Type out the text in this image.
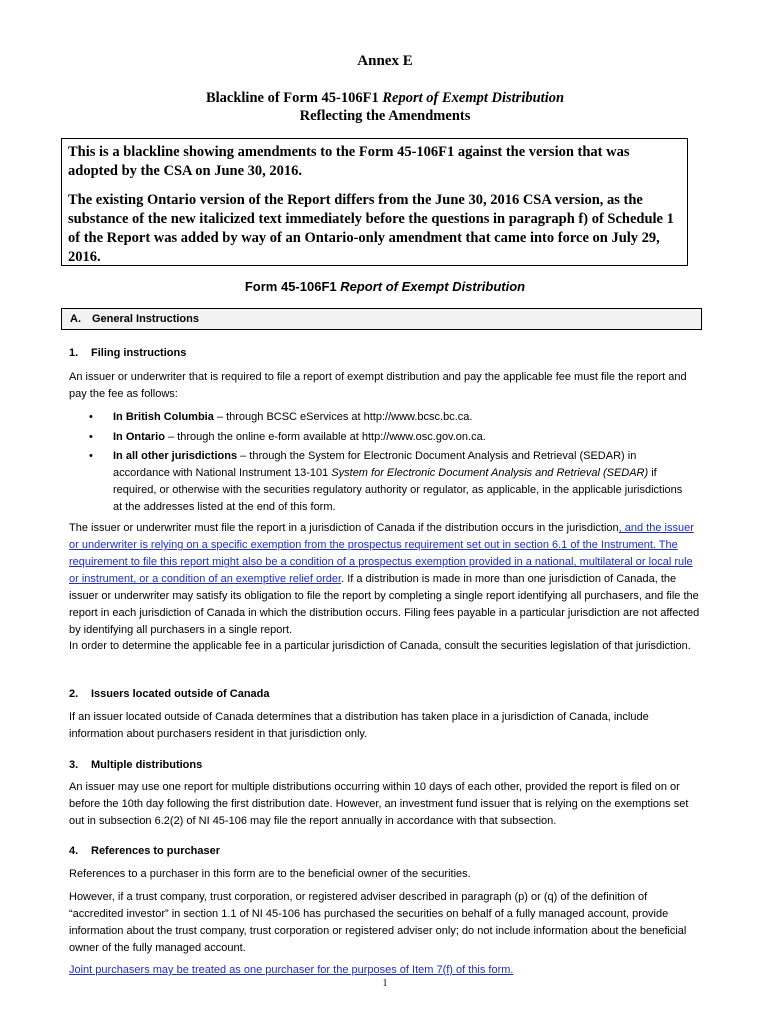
Annex E
Blackline of Form 45-106F1 Report of Exempt Distribution
Reflecting the Amendments

This is a blackline showing amendments to the Form 45-106F1 against the version that was adopted by the CSA on June 30, 2016.

The existing Ontario version of the Report differs from the June 30, 2016 CSA version, as the substance of the new italicized text immediately before the questions in paragraph f) of Schedule 1 of the Report was added by way of an Ontario-only amendment that came into force on July 29, 2016.

Form 45-106F1 Report of Exempt Distribution
A. General Instructions
1. Filing instructions
An issuer or underwriter that is required to file a report of exempt distribution and pay the applicable fee must file the report and pay the fee as follows:
• In British Columbia – through BCSC eServices at http://www.bcsc.bc.ca.
• In Ontario – through the online e-form available at http://www.osc.gov.on.ca.
• In all other jurisdictions – through the System for Electronic Document Analysis and Retrieval (SEDAR) in accordance with National Instrument 13-101 System for Electronic Document Analysis and Retrieval (SEDAR) if required, or otherwise with the securities regulatory authority or regulator, as applicable, in the applicable jurisdictions at the addresses listed at the end of this form.
The issuer or underwriter must file the report in a jurisdiction of Canada if the distribution occurs in the jurisdiction, and the issuer or underwriter is relying on a specific exemption from the prospectus requirement set out in section 6.1 of the Instrument. The requirement to file this report might also be a condition of a prospectus exemption provided in a national, multilateral or local rule or instrument, or a condition of an exemptive relief order. If a distribution is made in more than one jurisdiction of Canada, the issuer or underwriter may satisfy its obligation to file the report by completing a single report identifying all purchasers, and file the report in each jurisdiction of Canada in which the distribution occurs. Filing fees payable in a particular jurisdiction are not affected by identifying all purchasers in a single report.
In order to determine the applicable fee in a particular jurisdiction of Canada, consult the securities legislation of that jurisdiction.
2. Issuers located outside of Canada
If an issuer located outside of Canada determines that a distribution has taken place in a jurisdiction of Canada, include information about purchasers resident in that jurisdiction only.
3. Multiple distributions
An issuer may use one report for multiple distributions occurring within 10 days of each other, provided the report is filed on or before the 10th day following the first distribution date. However, an investment fund issuer that is relying on the exemptions set out in subsection 6.2(2) of NI 45-106 may file the report annually in accordance with that subsection.
4. References to purchaser
References to a purchaser in this form are to the beneficial owner of the securities.
However, if a trust company, trust corporation, or registered adviser described in paragraph (p) or (q) of the definition of “accredited investor” in section 1.1 of NI 45-106 has purchased the securities on behalf of a fully managed account, provide information about the trust company, trust corporation or registered adviser only; do not include information about the beneficial owner of the fully managed account.
Joint purchasers may be treated as one purchaser for the purposes of Item 7(f) of this form.
1
